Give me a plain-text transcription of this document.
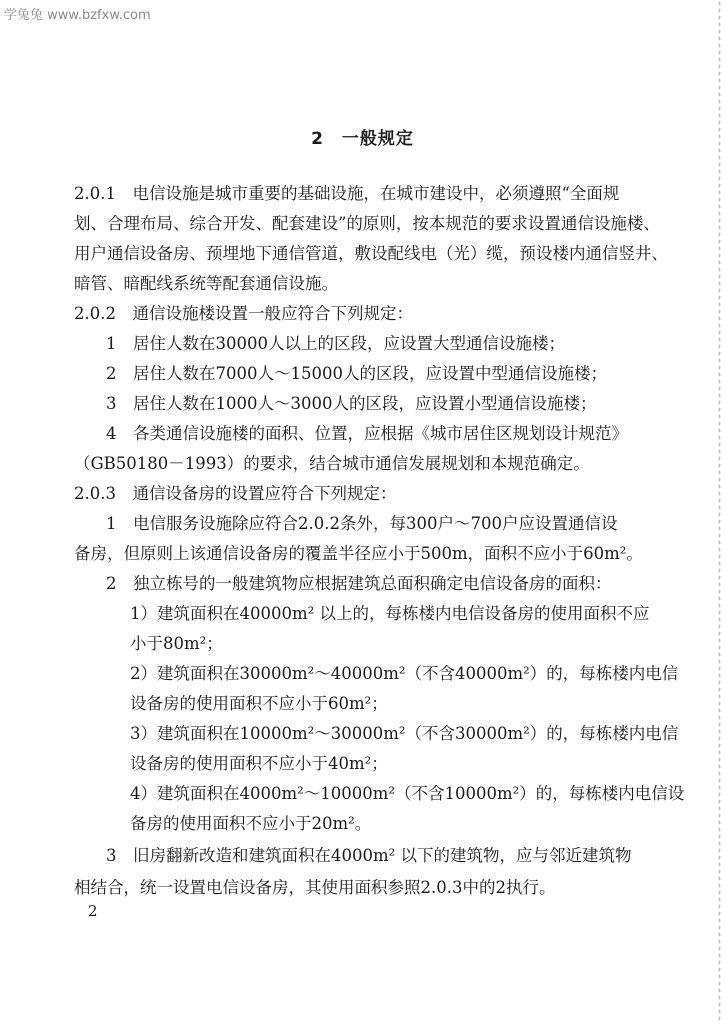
学兔兔 www.bzfxw.com
2　一般规定
2.0.1　电信设施是城市重要的基础设施，在城市建设中，必须遵照“全面规
划、合理布局、综合开发、配套建设”的原则，按本规范的要求设置通信设施楼、
用户通信设备房、预埋地下通信管道，敷设配线电（光）缆，预设楼内通信竖井、
暗管、暗配线系统等配套通信设施。
2.0.2　通信设施楼设置一般应符合下列规定：
1　居住人数在30000人以上的区段，应设置大型通信设施楼；
2　居住人数在7000人～15000人的区段，应设置中型通信设施楼；
3　居住人数在1000人～3000人的区段，应设置小型通信设施楼；
4　各类通信设施楼的面积、位置，应根据《城市居住区规划设计规范》
（GB50180－1993）的要求，结合城市通信发展规划和本规范确定。
2.0.3　通信设备房的设置应符合下列规定：
1　电信服务设施除应符合2.0.2条外，每300户～700户应设置通信设
备房，但原则上该通信设备房的覆盖半径应小于500m，面积不应小于60m²。
2　独立栋号的一般建筑物应根据建筑总面积确定电信设备房的面积：
1）建筑面积在40000m² 以上的，每栋楼内电信设备房的使用面积不应
小于80m²；
2）建筑面积在30000m²～40000m²（不含40000m²）的，每栋楼内电信
设备房的使用面积不应小于60m²；
3）建筑面积在10000m²～30000m²（不含30000m²）的，每栋楼内电信
设备房的使用面积不应小于40m²；
4）建筑面积在4000m²～10000m²（不含10000m²）的，每栋楼内电信设
备房的使用面积不应小于20m²。
2
3　旧房翻新改造和建筑面积在4000m² 以下的建筑物，应与邻近建筑物
相结合，统一设置电信设备房，其使用面积参照2.0.3中的2执行。
